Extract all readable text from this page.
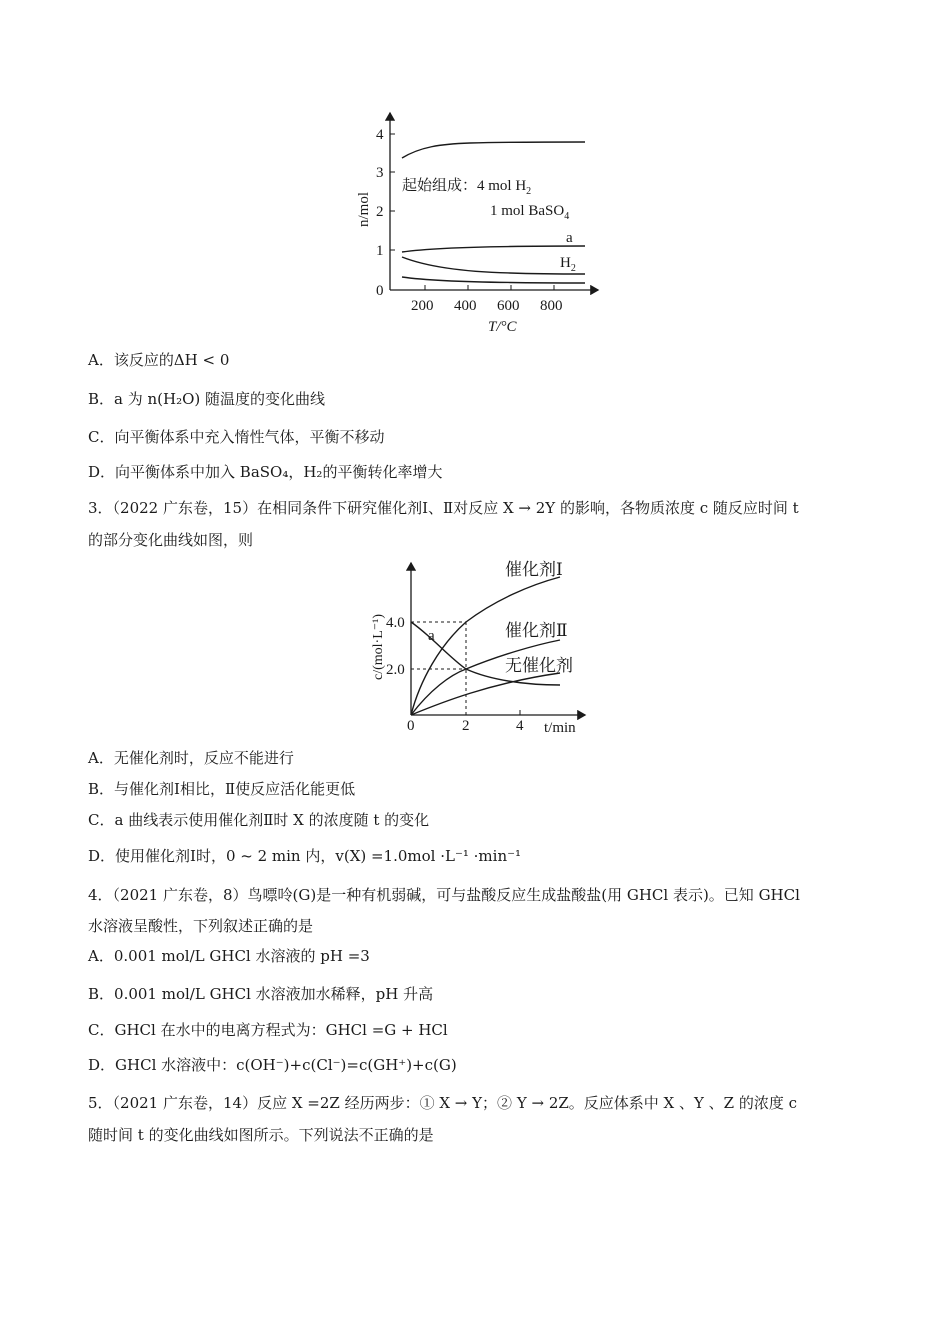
0
1
2
3
4
200 400 600 800
T/°C
n/mol
起始组成：4 mol $H_2$
1 mol BaSO$_4$
a
$H_2$
A．该反应的ΔH < 0
B．a 为 n(H₂O) 随温度的变化曲线
C．向平衡体系中充入惰性气体，平衡不移动
D．向平衡体系中加入 BaSO₄，H₂的平衡转化率增大
3．（2022 广东卷，15）在相同条件下研究催化剂Ⅰ、Ⅱ对反应 X → 2Y 的影响，各物质浓度 c 随反应时间 t
的部分变化曲线如图，则
4.0
2.0
0	2	4 t/min
c/(mol·L⁻¹)
催化剂Ⅰ
催化剂Ⅱ
无催化剂
a
A．无催化剂时，反应不能进行
B．与催化剂Ⅰ相比，Ⅱ使反应活化能更低
C．a 曲线表示使用催化剂Ⅱ时 X 的浓度随 t 的变化
D．使用催化剂Ⅰ时，0 ~ 2 min 内，v(X) =1.0mol ·L⁻¹ ·min⁻¹
4．（2021 广东卷，8）鸟嘌呤(G)是一种有机弱碱，可与盐酸反应生成盐酸盐(用 GHCl 表示)。已知 GHCl
水溶液呈酸性，下列叙述正确的是
A．0.001 mol/L GHCl 水溶液的 pH =3
B．0.001 mol/L GHCl 水溶液加水稀释，pH 升高
C．GHCl 在水中的电离方程式为：GHCl =G + HCl
D．GHCl 水溶液中：c(OH⁻)+c(Cl⁻)=c(GH⁺)+c(G)
5．（2021 广东卷，14）反应 X =2Z 经历两步：① X → Y；② Y → 2Z。反应体系中 X 、Y 、Z 的浓度 c
随时间 t 的变化曲线如图所示。下列说法不正确的是
